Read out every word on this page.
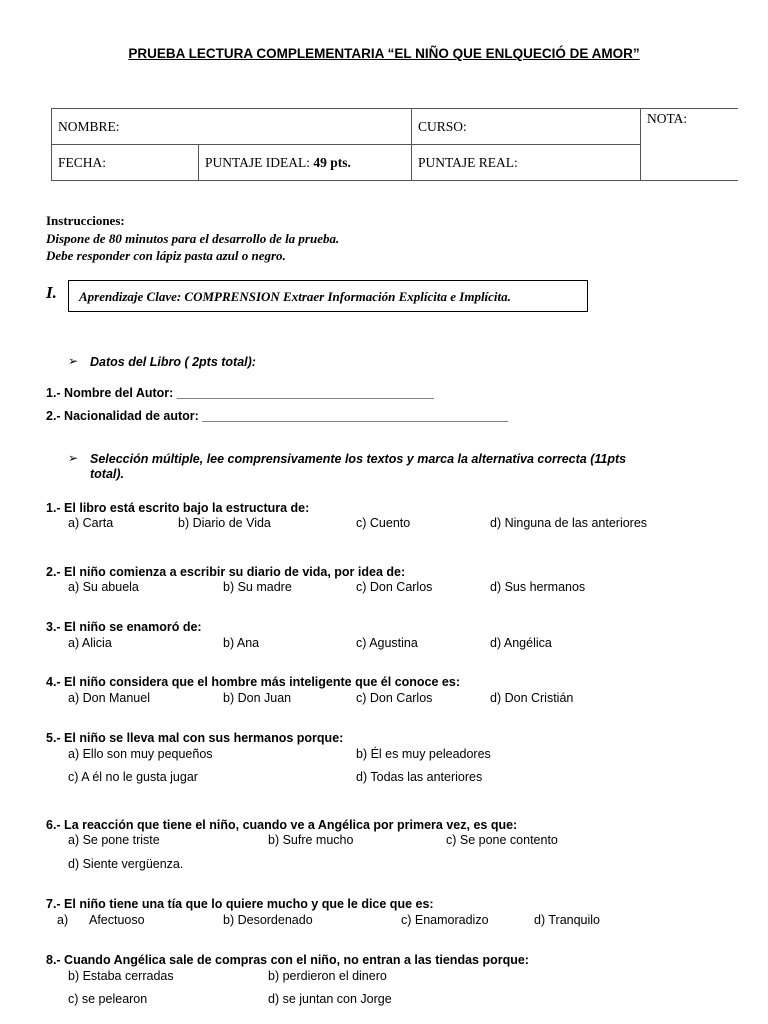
PRUEBA LECTURA COMPLEMENTARIA “EL NIÑO QUE ENLQUECIÓ DE AMOR”
NOMBRE:		CURSO:	NOTA:
FECHA:	PUNTAJE IDEAL: 49 pts.	PUNTAJE REAL:	
Instrucciones:
Dispone de 80 minutos para el desarrollo de la prueba.
Debe responder con lápiz pasta azul o negro.
I. Aprendizaje Clave: COMPRENSION Extraer Información Explícita e Implícita.
➢ Datos del Libro ( 2pts total):
1.- Nombre del Autor: _____________________________________
2.- Nacionalidad de autor: ____________________________________________
➢ Selección múltiple, lee comprensivamente los textos y marca la alternativa correcta (11pts
total).
1.- El libro está escrito bajo la estructura de:
a) Carta	b) Diario de Vida	c) Cuento	d) Ninguna de las anteriores
2.- El niño comienza a escribir su diario de vida, por idea de:
a) Su abuela	b) Su madre	c) Don Carlos	d) Sus hermanos
3.- El niño se enamoró de:
a) Alicia	b) Ana	c) Agustina	d) Angélica
4.- El niño considera que el hombre más inteligente que él conoce es:
a) Don Manuel	b) Don Juan	c) Don Carlos	d) Don Cristián
5.- El niño se lleva mal con sus hermanos porque:
a) Ello son muy pequeños	b) Él es muy peleadores
c) A él no le gusta jugar	d) Todas las anteriores
6.- La reacción que tiene el niño, cuando ve a Angélica por primera vez, es que:
a) Se pone triste	b) Sufre mucho	c) Se pone contento
d) Siente vergüenza.
7.- El niño tiene una tía que lo quiere mucho y que le dice que es:
a) Afectuoso	b) Desordenado	c) Enamoradizo	d) Tranquilo
8.- Cuando Angélica sale de compras con el niño, no entran a las tiendas porque:
b) Estaba cerradas	b) perdieron el dinero
c) se pelearon	d) se juntan con Jorge
